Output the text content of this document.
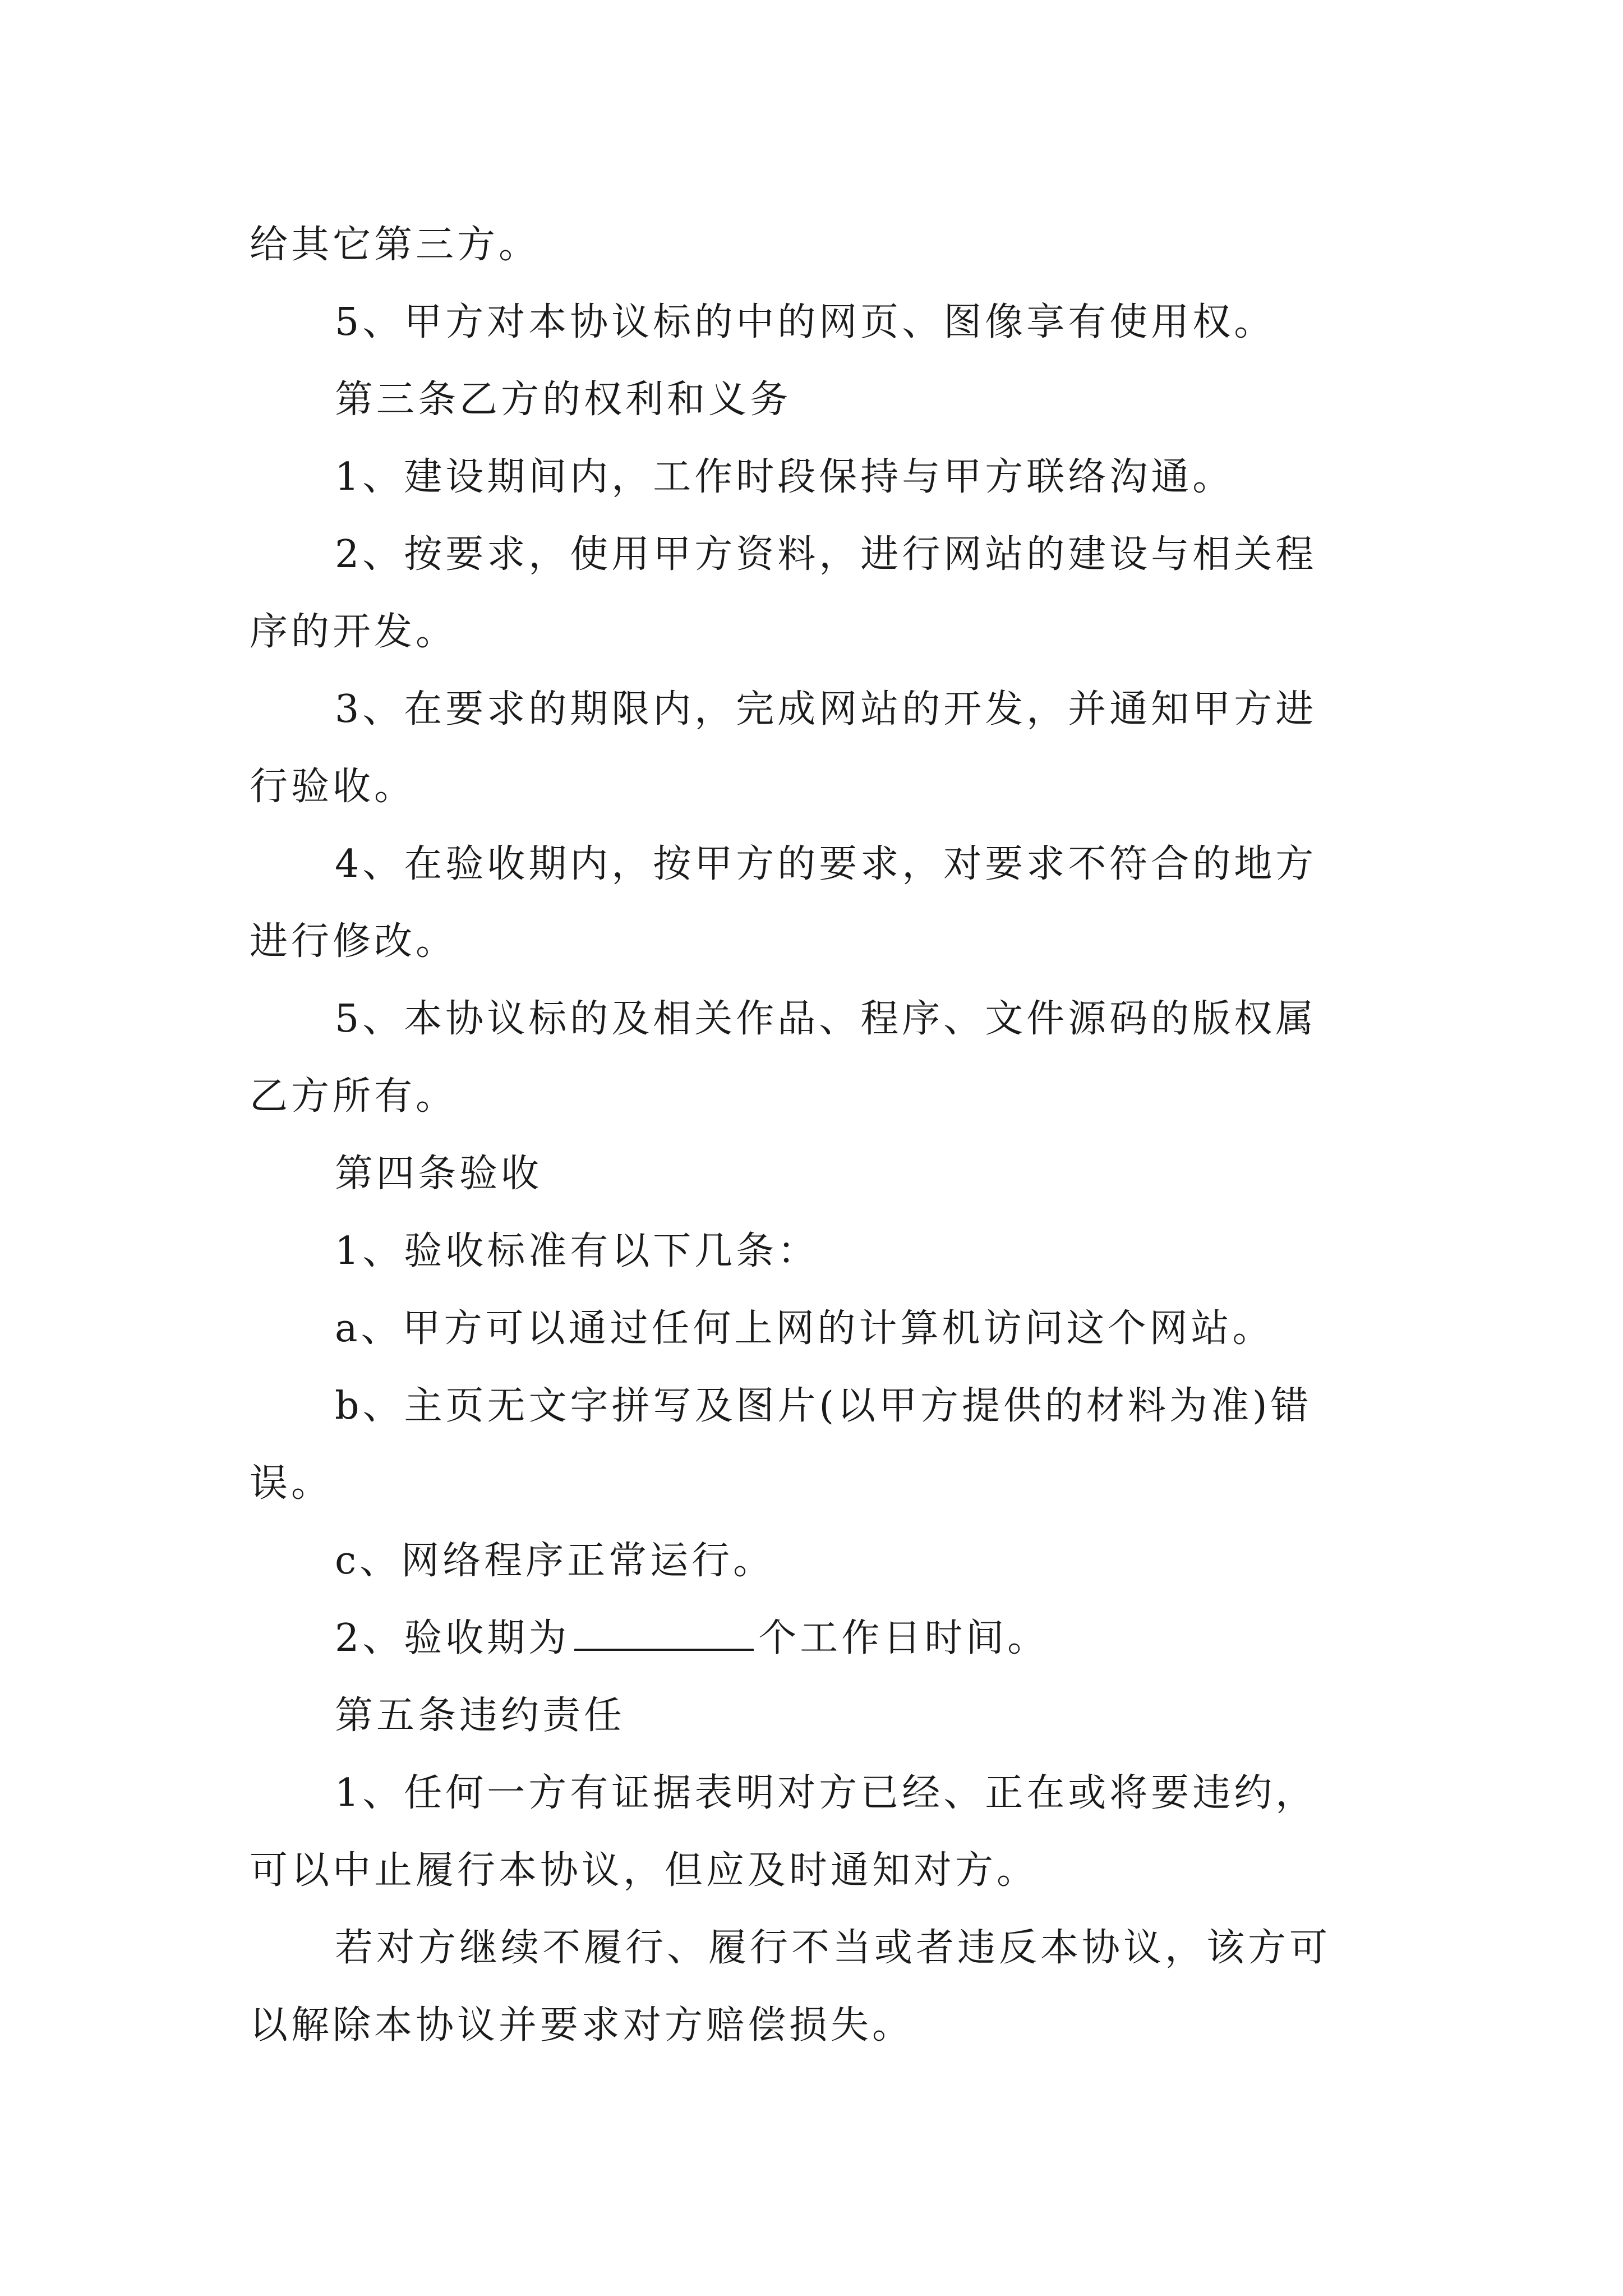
给其它第三方。
5、甲方对本协议标的中的网页、图像享有使用权。
第三条乙方的权利和义务
1、建设期间内，工作时段保持与甲方联络沟通。
2、按要求，使用甲方资料，进行网站的建设与相关程
序的开发。
3、在要求的期限内，完成网站的开发，并通知甲方进
行验收。
4、在验收期内，按甲方的要求，对要求不符合的地方
进行修改。
5、本协议标的及相关作品、程序、文件源码的版权属
乙方所有。
第四条验收
1、验收标准有以下几条：
a、甲方可以通过任何上网的计算机访问这个网站。
b、主页无文字拼写及图片(以甲方提供的材料为准)错
误。
c、网络程序正常运行。
2、验收期为	个工作日时间。
第五条违约责任
1、任何一方有证据表明对方已经、正在或将要违约，
可以中止履行本协议，但应及时通知对方。
若对方继续不履行、履行不当或者违反本协议，该方可
以解除本协议并要求对方赔偿损失。
